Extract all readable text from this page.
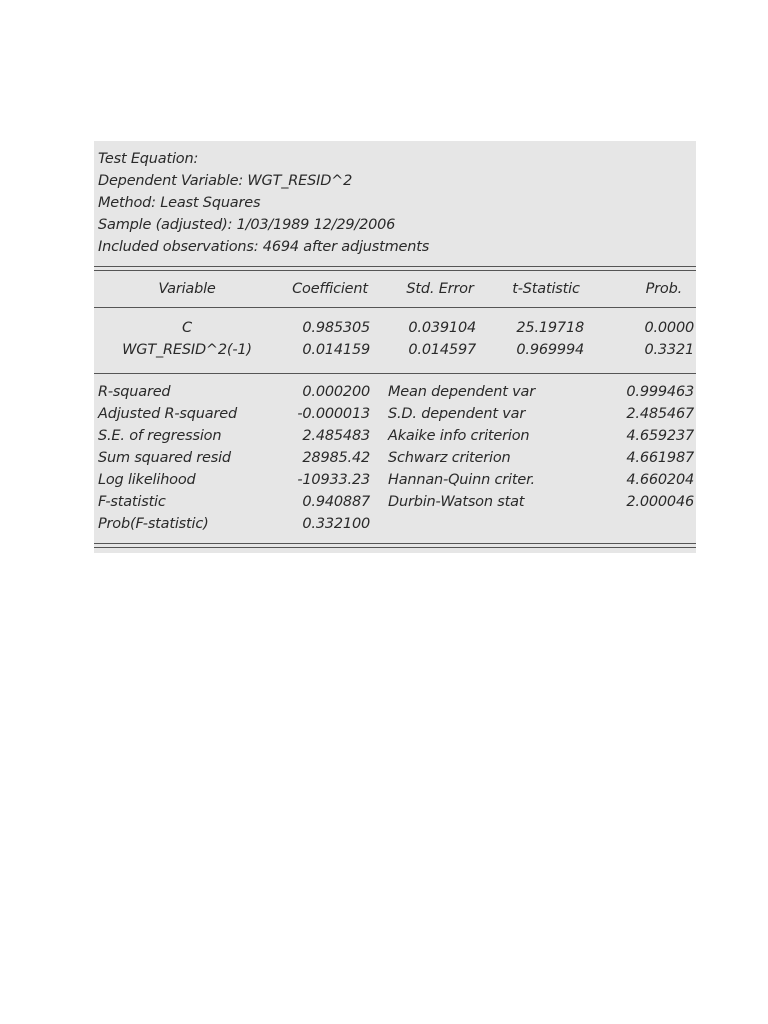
Test Equation:
Dependent Variable: WGT_RESID^2
Method: Least Squares
Sample (adjusted): 1/03/1989 12/29/2006
Included observations: 4694 after adjustments
Variable	Coefficient	Std. Error	t-Statistic	Prob.
C	0.985305	0.039104	25.19718	0.0000
WGT_RESID^2(-1)	0.014159	0.014597	0.969994	0.3321
R-squared	0.000200 Mean dependent var	0.999463
Adjusted R-squared	-0.000013 S.D. dependent var	2.485467
S.E. of regression	2.485483 Akaike info criterion	4.659237
Sum squared resid	28985.42 Schwarz criterion	4.661987
Log likelihood	-10933.23 Hannan-Quinn criter.	4.660204
F-statistic	0.940887 Durbin-Watson stat	2.000046
Prob(F-statistic)	0.332100
